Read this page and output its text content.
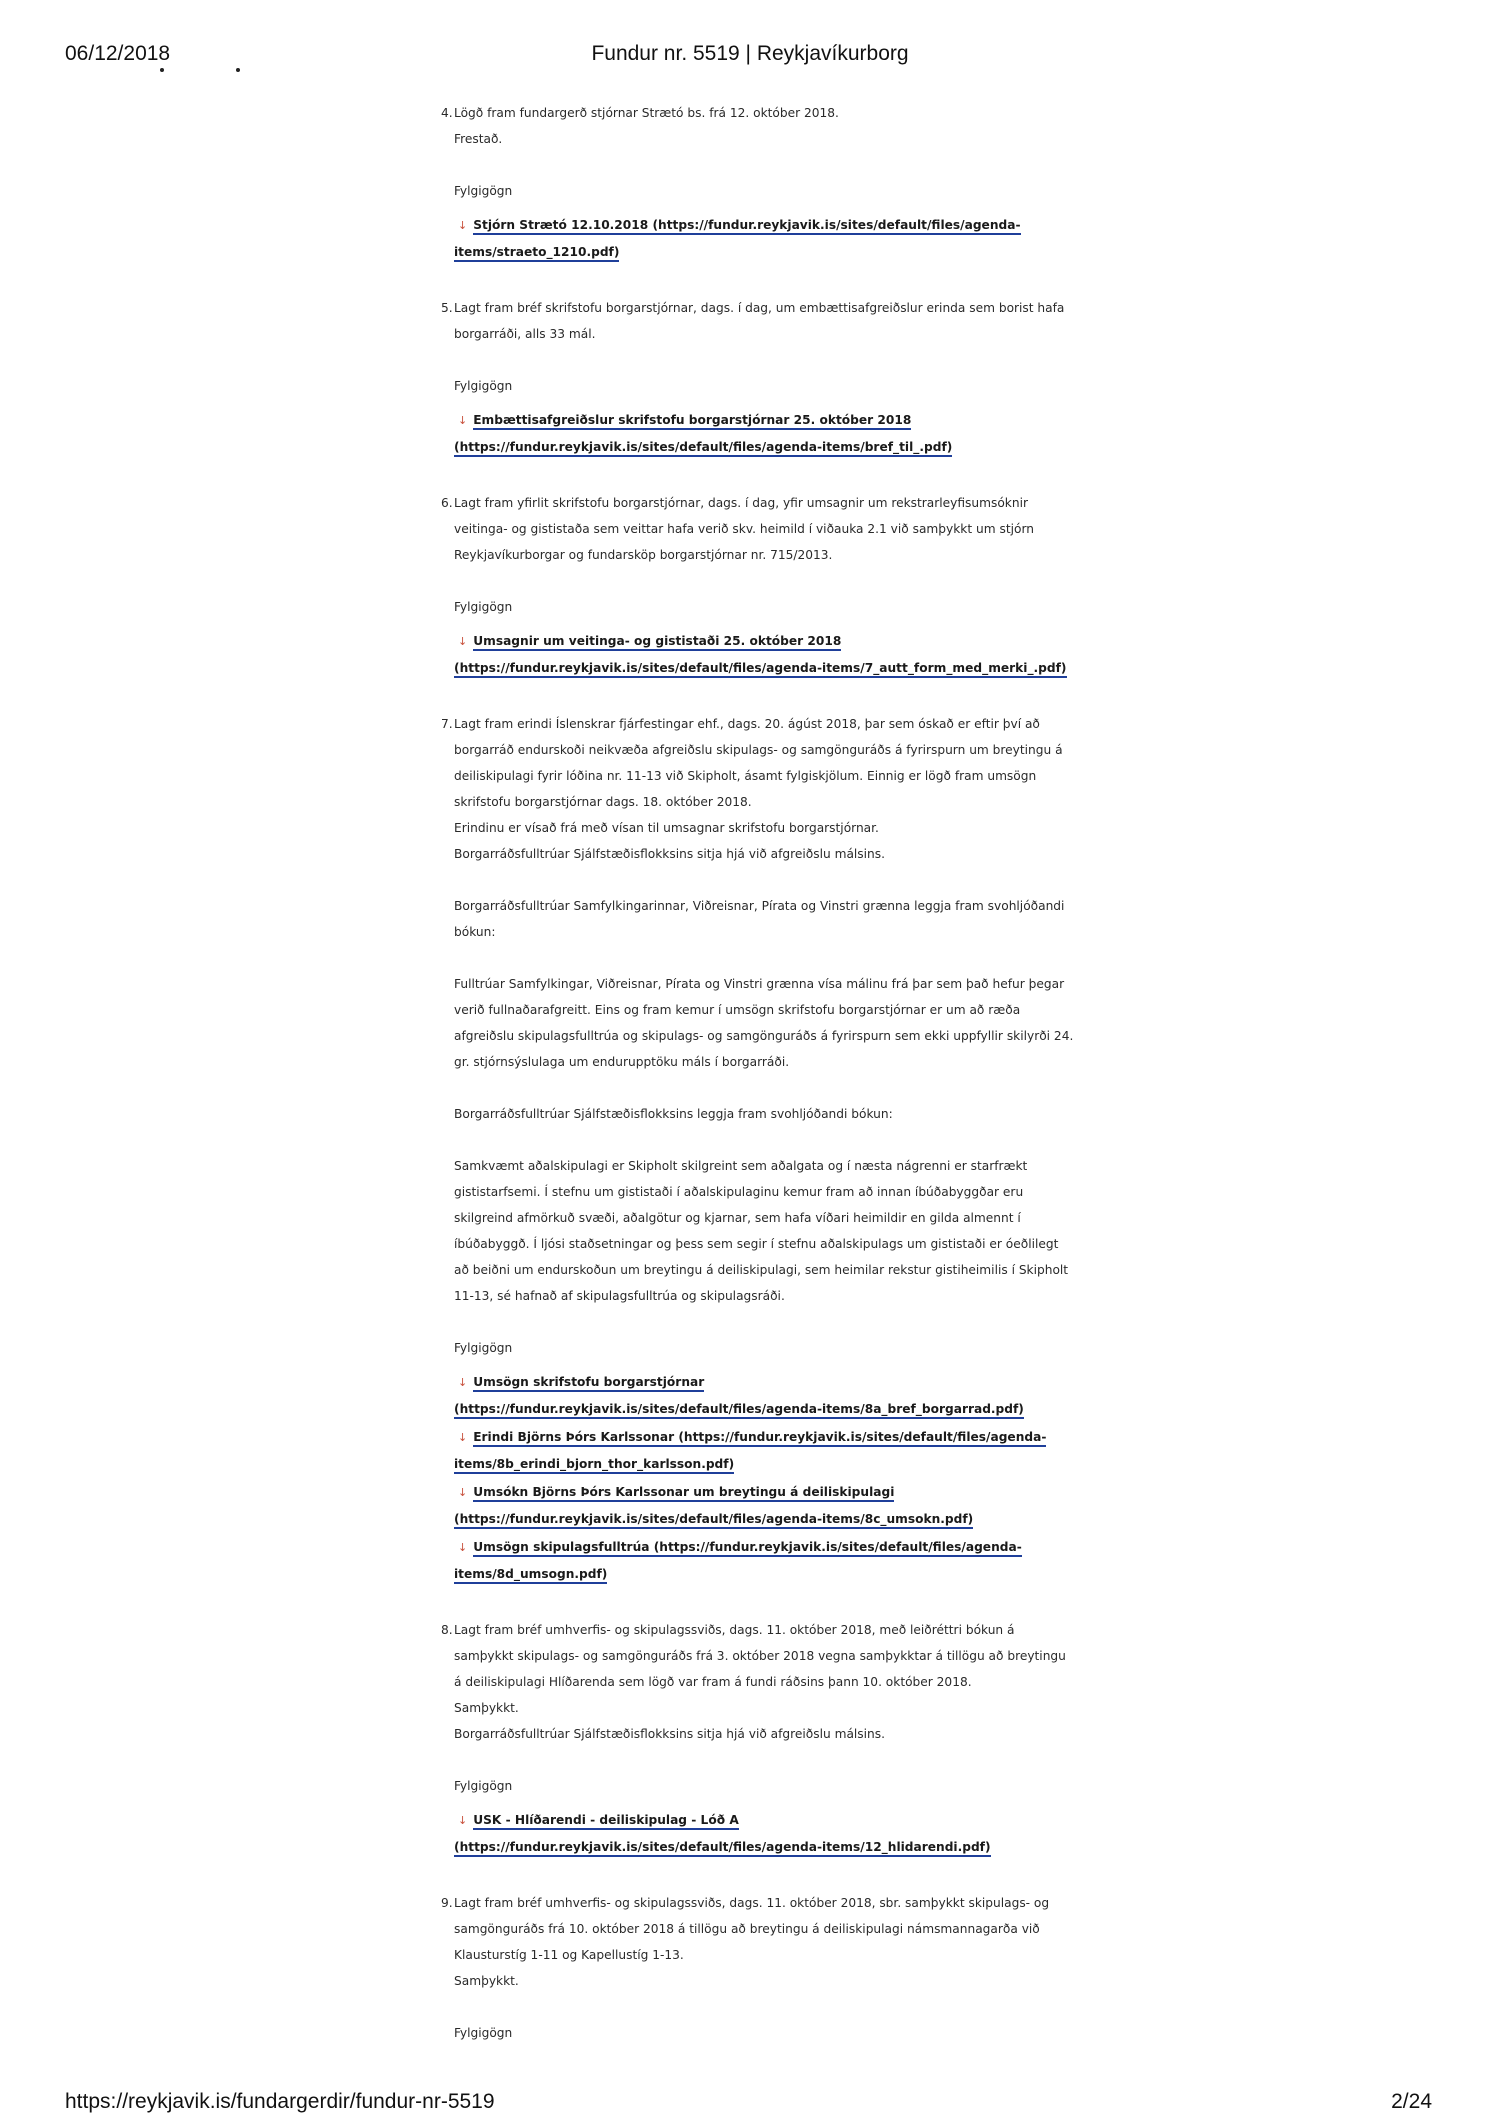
06/12/2018	Fundur nr. 5519 | Reykjavíkurborg

4. Lögð fram fundargerð stjórnar Strætó bs. frá 12. október 2018.

Frestað.

Fylgigögn

↓ Stjórn Strætó 12.10.2018 (https://fundur.reykjavik.is/sites/default/files/agenda-items/straeto_1210.pdf)

5. Lagt fram bréf skrifstofu borgarstjórnar, dags. í dag, um embættisafgreiðslur erinda sem borist hafa borgarráði, alls 33 mál.

Fylgigögn

↓ Embættisafgreiðslur skrifstofu borgarstjórnar 25. október 2018 (https://fundur.reykjavik.is/sites/default/files/agenda-items/bref_til_.pdf)

6. Lagt fram yfirlit skrifstofu borgarstjórnar, dags. í dag, yfir umsagnir um rekstrarleyfisumsóknir veitinga- og gististaða sem veittar hafa verið skv. heimild í viðauka 2.1 við samþykkt um stjórn Reykjavíkurborgar og fundarsköp borgarstjórnar nr. 715/2013.

Fylgigögn

↓ Umsagnir um veitinga- og gististaði 25. október 2018 (https://fundur.reykjavik.is/sites/default/files/agenda-items/7_autt_form_med_merki_.pdf)

7. Lagt fram erindi Íslenskrar fjárfestingar ehf., dags. 20. ágúst 2018, þar sem óskað er eftir því að borgarráð endurskoði neikvæða afgreiðslu skipulags- og samgönguráðs á fyrirspurn um breytingu á deiliskipulagi fyrir lóðina nr. 11-13 við Skipholt, ásamt fylgiskjölum. Einnig er lögð fram umsögn skrifstofu borgarstjórnar dags. 18. október 2018.

Erindinu er vísað frá með vísan til umsagnar skrifstofu borgarstjórnar.

Borgarráðsfulltrúar Sjálfstæðisflokksins sitja hjá við afgreiðslu málsins.

Borgarráðsfulltrúar Samfylkingarinnar, Viðreisnar, Pírata og Vinstri grænna leggja fram svohljóðandi bókun:

Fulltrúar Samfylkingar, Viðreisnar, Pírata og Vinstri grænna vísa málinu frá þar sem það hefur þegar verið fullnaðarafgreitt. Eins og fram kemur í umsögn skrifstofu borgarstjórnar er um að ræða afgreiðslu skipulagsfulltrúa og skipulags- og samgönguráðs á fyrirspurn sem ekki uppfyllir skilyrði 24. gr. stjórnsýslulaga um endurupptöku máls í borgarráði.

Borgarráðsfulltrúar Sjálfstæðisflokksins leggja fram svohljóðandi bókun:

Samkvæmt aðalskipulagi er Skipholt skilgreint sem aðalgata og í næsta nágrenni er starfrækt gististarfsemi. Í stefnu um gististaði í aðalskipulaginu kemur fram að innan íbúðabyggðar eru skilgreind afmörkuð svæði, aðalgötur og kjarnar, sem hafa víðari heimildir en gilda almennt í íbúðabyggð. Í ljósi staðsetningar og þess sem segir í stefnu aðalskipulags um gististaði er óeðlilegt að beiðni um endurskoðun um breytingu á deiliskipulagi, sem heimilar rekstur gistiheimilis í Skipholt 11-13, sé hafnað af skipulagsfulltrúa og skipulagsráði.

Fylgigögn

↓ Umsögn skrifstofu borgarstjórnar (https://fundur.reykjavik.is/sites/default/files/agenda-items/8a_bref_borgarrad.pdf)

↓ Erindi Björns Þórs Karlssonar (https://fundur.reykjavik.is/sites/default/files/agenda-items/8b_erindi_bjorn_thor_karlsson.pdf)

↓ Umsókn Björns Þórs Karlssonar um breytingu á deiliskipulagi (https://fundur.reykjavik.is/sites/default/files/agenda-items/8c_umsokn.pdf)

↓ Umsögn skipulagsfulltrúa (https://fundur.reykjavik.is/sites/default/files/agenda-items/8d_umsogn.pdf)

8. Lagt fram bréf umhverfis- og skipulagssviðs, dags. 11. október 2018, með leiðréttri bókun á samþykkt skipulags- og samgönguráðs frá 3. október 2018 vegna samþykktar á tillögu að breytingu á deiliskipulagi Hlíðarenda sem lögð var fram á fundi ráðsins þann 10. október 2018.

Samþykkt.

Borgarráðsfulltrúar Sjálfstæðisflokksins sitja hjá við afgreiðslu málsins.

Fylgigögn

↓ USK - Hlíðarendi - deiliskipulag - Lóð A (https://fundur.reykjavik.is/sites/default/files/agenda-items/12_hlidarendi.pdf)

9. Lagt fram bréf umhverfis- og skipulagssviðs, dags. 11. október 2018, sbr. samþykkt skipulags- og samgönguráðs frá 10. október 2018 á tillögu að breytingu á deiliskipulagi námsmannagarða við Klausturstíg 1-11 og Kapellustíg 1-13.

Samþykkt.

Fylgigögn

https://reykjavik.is/fundargerdir/fundur-nr-5519	2/24
